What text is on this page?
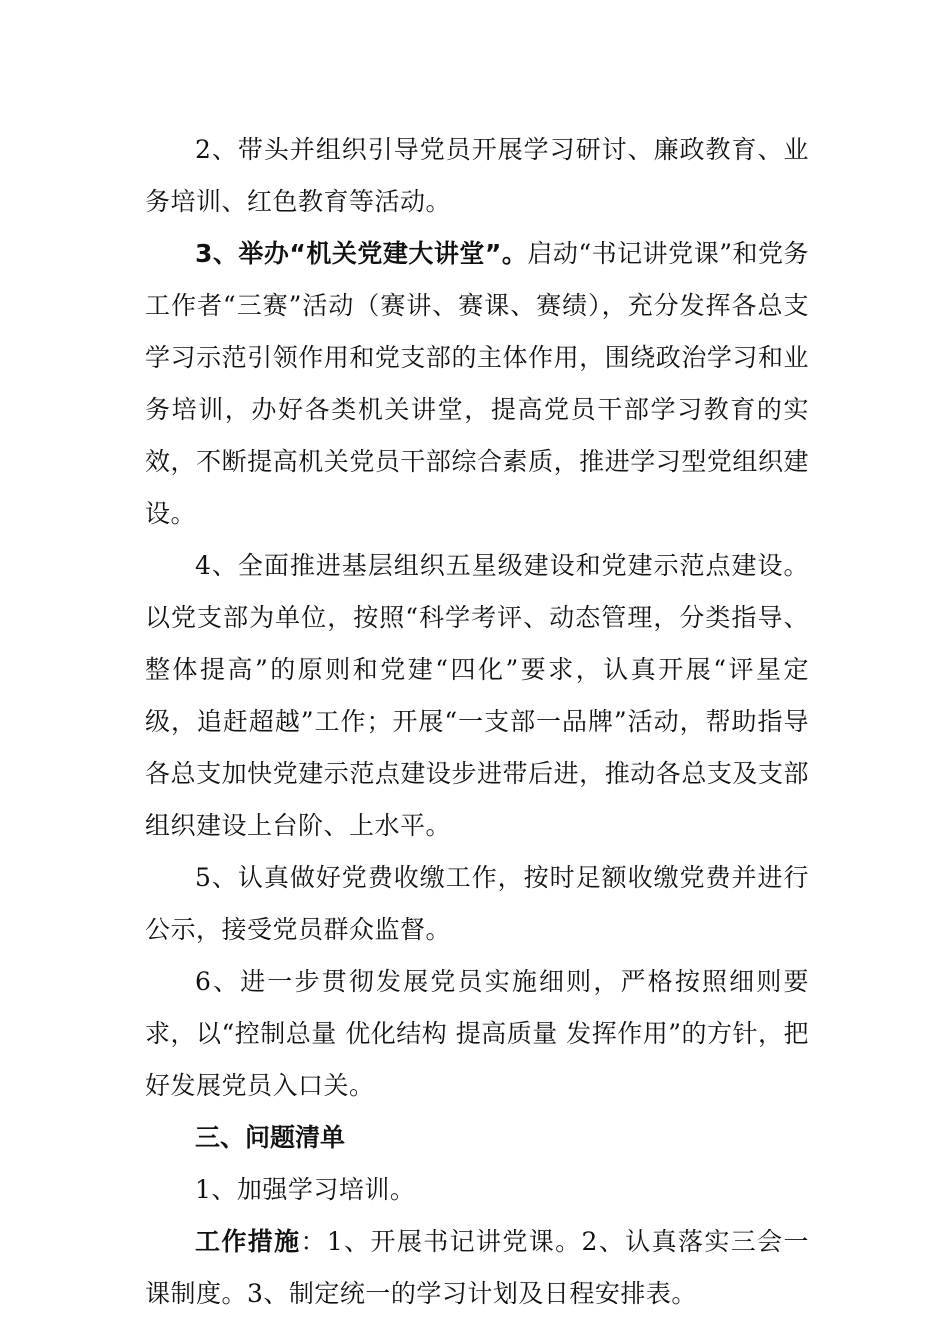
2、带头并组织引导党员开展学习研讨、廉政教育、业务培训、红色教育等活动。

3、举办“机关党建大讲堂”。启动“书记讲党课”和党务工作者“三赛”活动（赛讲、赛课、赛绩），充分发挥各总支学习示范引领作用和党支部的主体作用，围绕政治学习和业务培训，办好各类机关讲堂，提高党员干部学习教育的实效，不断提高机关党员干部综合素质，推进学习型党组织建设。

4、全面推进基层组织五星级建设和党建示范点建设。以党支部为单位，按照“科学考评、动态管理，分类指导、整体提高”的原则和党建“四化”要求，认真开展“评星定级，追赶超越”工作；开展“一支部一品牌”活动，帮助指导各总支加快党建示范点建设步进带后进，推动各总支及支部组织建设上台阶、上水平。

5、认真做好党费收缴工作，按时足额收缴党费并进行公示，接受党员群众监督。

6、进一步贯彻发展党员实施细则，严格按照细则要求，以“控制总量 优化结构 提高质量 发挥作用”的方针，把好发展党员入口关。

三、问题清单

1、加强学习培训。

工作措施：1、开展书记讲党课。2、认真落实三会一课制度。3、制定统一的学习计划及日程安排表。
